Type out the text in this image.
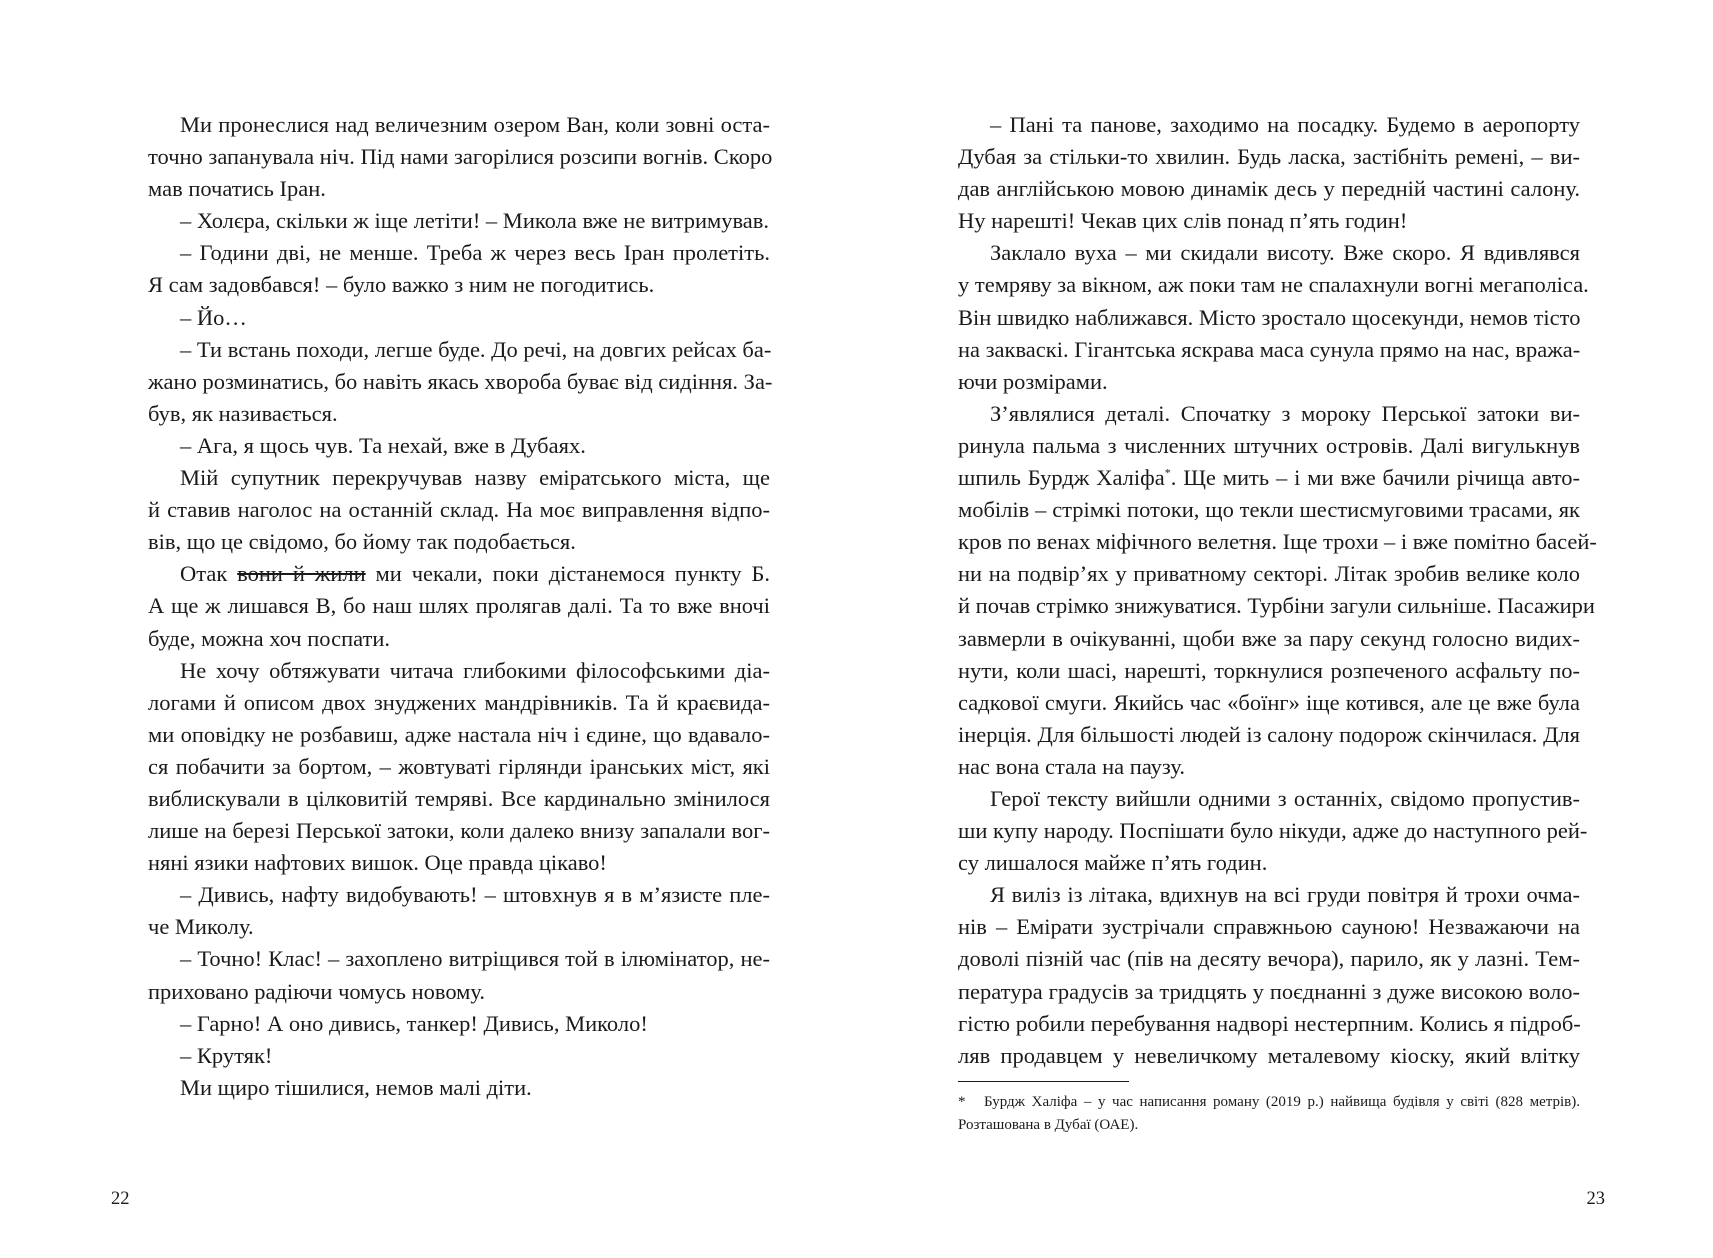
Ми пронеслися над величезним озером Ван, коли зовні оста-
точно запанувала ніч. Під нами загорілися розсипи вогнів. Скоро
мав початись Іран.
– Холєра, скільки ж іще летіти! – Микола вже не витримував.
– Години дві, не менше. Треба ж через весь Іран пролетіть.
Я сам задовбався! – було важко з ним не погодитись.
– Йо…
– Ти встань походи, легше буде. До речі, на довгих рейсах ба-
жано розминатись, бо навіть якась хвороба буває від сидіння. За-
був, як називається.
– Ага, я щось чув. Та нехай, вже в Дубаях.
Мій супутник перекручував назву еміратського міста, ще
й ставив наголос на останній склад. На моє виправлення відпо-
вів, що це свідомо, бо йому так подобається.
Отак вони й жили ми чекали, поки дістанемося пункту Б.
А ще ж лишався В, бо наш шлях пролягав далі. Та то вже вночі
буде, можна хоч поспати.
Не хочу обтяжувати читача глибокими філософськими діа-
логами й описом двох знуджених мандрівників. Та й краєвида-
ми оповідку не розбавиш, адже настала ніч і єдине, що вдавало-
ся побачити за бортом, – жовтуваті гірлянди іранських міст, які
виблискували в цілковитій темряві. Все кардинально змінилося
лише на березі Перської затоки, коли далеко внизу запалали вог-
няні язики нафтових вишок. Оце правда цікаво!
– Дивись, нафту видобувають! – штовхнув я в м’язисте пле-
че Миколу.
– Точно! Клас! – захоплено витріщився той в ілюмінатор, не-
приховано радіючи чомусь новому.
– Гарно! А оно дивись, танкер! Дивись, Миколо!
– Крутяк!
Ми щиро тішилися, немов малі діти.
22
– Пані та панове, заходимо на посадку. Будемо в аеропорту
Дубая за стільки-то хвилин. Будь ласка, застібніть ремені, – ви-
дав англійською мовою динамік десь у передній частині салону.
Ну нарешті! Чекав цих слів понад п’ять годин!
Заклало вуха – ми скидали висоту. Вже скоро. Я вдивлявся
у темряву за вікном, аж поки там не спалахнули вогні мегаполіса.
Він швидко наближався. Місто зростало щосекунди, немов тісто
на закваскі. Гігантська яскрава маса сунула прямо на нас, вража-
ючи розмірами.
З’являлися деталі. Спочатку з мороку Перської затоки ви-
ринула пальма з численних штучних островів. Далі вигулькнув
шпиль Бурдж Халіфа*. Ще мить – і ми вже бачили річища авто-
мобілів – стрімкі потоки, що текли шестисмуговими трасами, як
кров по венах міфічного велетня. Іще трохи – і вже помітно басей-
ни на подвір’ях у приватному секторі. Літак зробив велике коло
й почав стрімко знижуватися. Турбіни загули сильніше. Пасажири
завмерли в очікуванні, щоби вже за пару секунд голосно видих-
нути, коли шасі, нарешті, торкнулися розпеченого асфальту по-
садкової смуги. Якийсь час «боїнг» іще котився, але це вже була
інерція. Для більшості людей із салону подорож скінчилася. Для
нас вона стала на паузу.
Герої тексту вийшли одними з останніх, свідомо пропустив-
ши купу народу. Поспішати було нікуди, адже до наступного рей-
су лишалося майже п’ять годин.
Я виліз із літака, вдихнув на всі груди повітря й трохи очма-
нів – Емірати зустрічали справжньою сауною! Незважаючи на
доволі пізній час (пів на десяту вечора), парило, як у лазні. Тем-
пература градусів за тридцять у поєднанні з дуже високою воло-
гістю робили перебування надворі нестерпним. Колись я підроб-
ляв продавцем у невеличкому металевому кіоску, який влітку
* Бурдж Халіфа – у час написання роману (2019 р.) найвища будівля у світі (828 метрів).
Розташована в Дубаї (ОАЕ).
23
